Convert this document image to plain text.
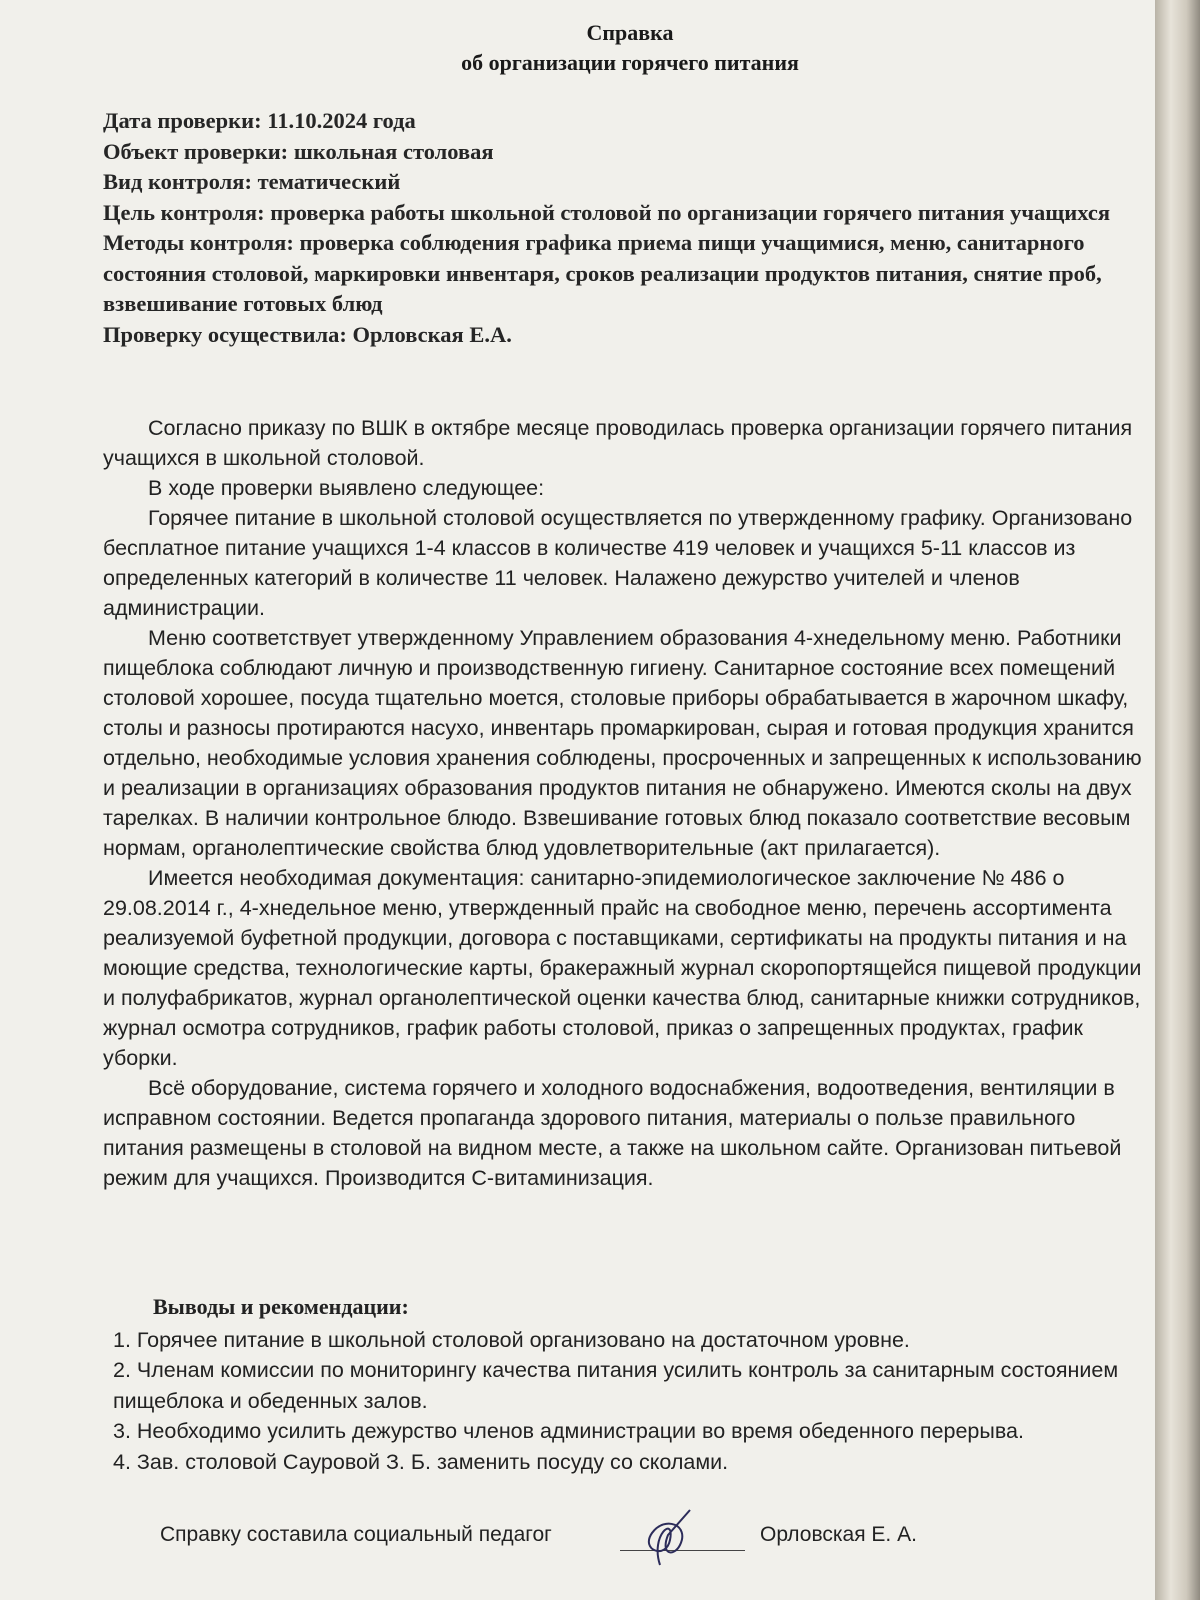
Справка
об организации горячего питания

Дата проверки: 11.10.2024 года

Объект проверки: школьная столовая

Вид контроля: тематический

Цель контроля: проверка работы школьной столовой по организации горячего питания учащихся

Методы контроля: проверка соблюдения графика приема пищи учащимися, меню, санитарного состояния столовой, маркировки инвентаря, сроков реализации продуктов питания, снятие проб, взвешивание готовых блюд

Проверку осуществила: Орловская Е.А.

Согласно приказу по ВШК в октябре месяце проводилась проверка организации горячего питания учащихся в школьной столовой.

В ходе проверки выявлено следующее:

Горячее питание в школьной столовой осуществляется по утвержденному графику. Организовано бесплатное питание учащихся 1-4 классов в количестве 419 человек и учащихся 5-11 классов из определенных категорий в количестве 11 человек. Налажено дежурство учителей и членов администрации.

Меню соответствует утвержденному Управлением образования 4-хнедельному меню. Работники пищеблока соблюдают личную и производственную гигиену. Санитарное состояние всех помещений столовой хорошее, посуда тщательно моется, столовые приборы обрабатывается в жарочном шкафу, столы и разносы протираются насухо, инвентарь промаркирован, сырая и готовая продукция хранится отдельно, необходимые условия хранения соблюдены, просроченных и запрещенных к использованию и реализации в организациях образования продуктов питания не обнаружено. Имеются сколы на двух тарелках. В наличии контрольное блюдо. Взвешивание готовых блюд показало соответствие весовым нормам, органолептические свойства блюд удовлетворительные (акт прилагается).

Имеется необходимая документация: санитарно-эпидемиологическое заключение № 486 о 29.08.2014 г., 4-хнедельное меню, утвержденный прайс на свободное меню, перечень ассортимента реализуемой буфетной продукции, договора с поставщиками, сертификаты на продукты питания и на моющие средства, технологические карты, бракеражный журнал скоропортящейся пищевой продукции и полуфабрикатов, журнал органолептической оценки качества блюд, санитарные книжки сотрудников, журнал осмотра сотрудников, график работы столовой, приказ о запрещенных продуктах, график уборки.

Всё оборудование, система горячего и холодного водоснабжения, водоотведения, вентиляции в исправном состоянии. Ведется пропаганда здорового питания, материалы о пользе правильного питания размещены в столовой на видном месте, а также на школьном сайте. Организован питьевой режим для учащихся. Производится С-витаминизация.

Выводы и рекомендации:
1. Горячее питание в школьной столовой организовано на достаточном уровне.
2. Членам комиссии по мониторингу качества питания усилить контроль за санитарным состоянием пищеблока и обеденных залов.
3. Необходимо усилить дежурство членов администрации во время обеденного перерыва.
4. Зав. столовой Сауровой З. Б. заменить посуду со сколами.
Справку составила социальный педагог	Орловская Е. А.
